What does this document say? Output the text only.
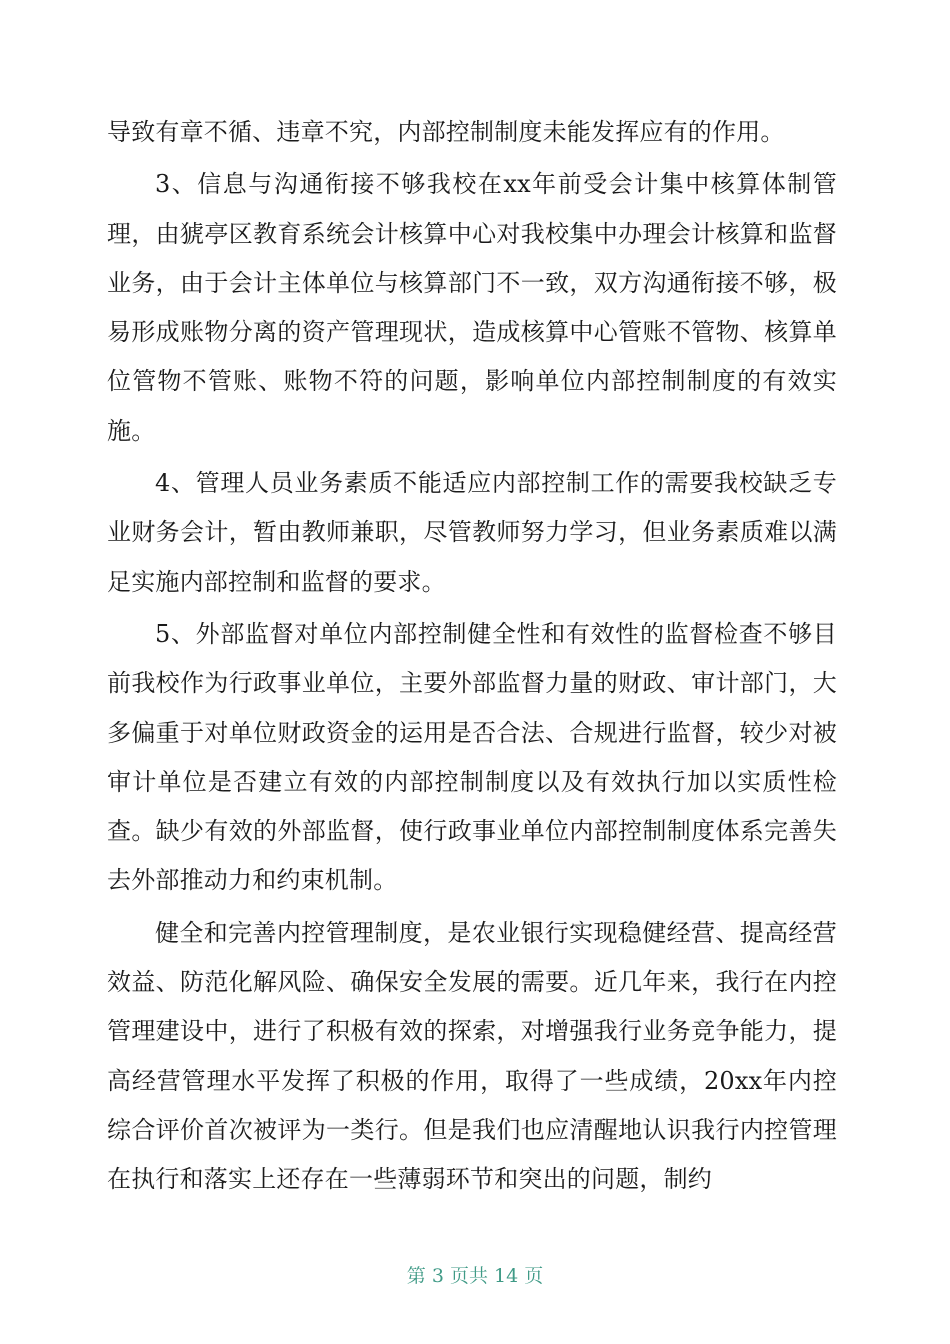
导致有章不循、违章不究，内部控制制度未能发挥应有的作用。

3、信息与沟通衔接不够我校在xx年前受会计集中核算体制管理，由猇亭区教育系统会计核算中心对我校集中办理会计核算和监督业务，由于会计主体单位与核算部门不一致，双方沟通衔接不够，极易形成账物分离的资产管理现状，造成核算中心管账不管物、核算单位管物不管账、账物不符的问题，影响单位内部控制制度的有效实施。

4、管理人员业务素质不能适应内部控制工作的需要我校缺乏专业财务会计，暂由教师兼职，尽管教师努力学习，但业务素质难以满足实施内部控制和监督的要求。

5、外部监督对单位内部控制健全性和有效性的监督检查不够目前我校作为行政事业单位，主要外部监督力量的财政、审计部门，大多偏重于对单位财政资金的运用是否合法、合规进行监督，较少对被审计单位是否建立有效的内部控制制度以及有效执行加以实质性检查。缺少有效的外部监督，使行政事业单位内部控制制度体系完善失去外部推动力和约束机制。

健全和完善内控管理制度，是农业银行实现稳健经营、提高经营效益、防范化解风险、确保安全发展的需要。近几年来，我行在内控管理建设中，进行了积极有效的探索，对增强我行业务竞争能力，提高经营管理水平发挥了积极的作用，取得了一些成绩，20xx年内控综合评价首次被评为一类行。但是我们也应清醒地认识我行内控管理在执行和落实上还存在一些薄弱环节和突出的问题，制约

第 3 页共 14 页
